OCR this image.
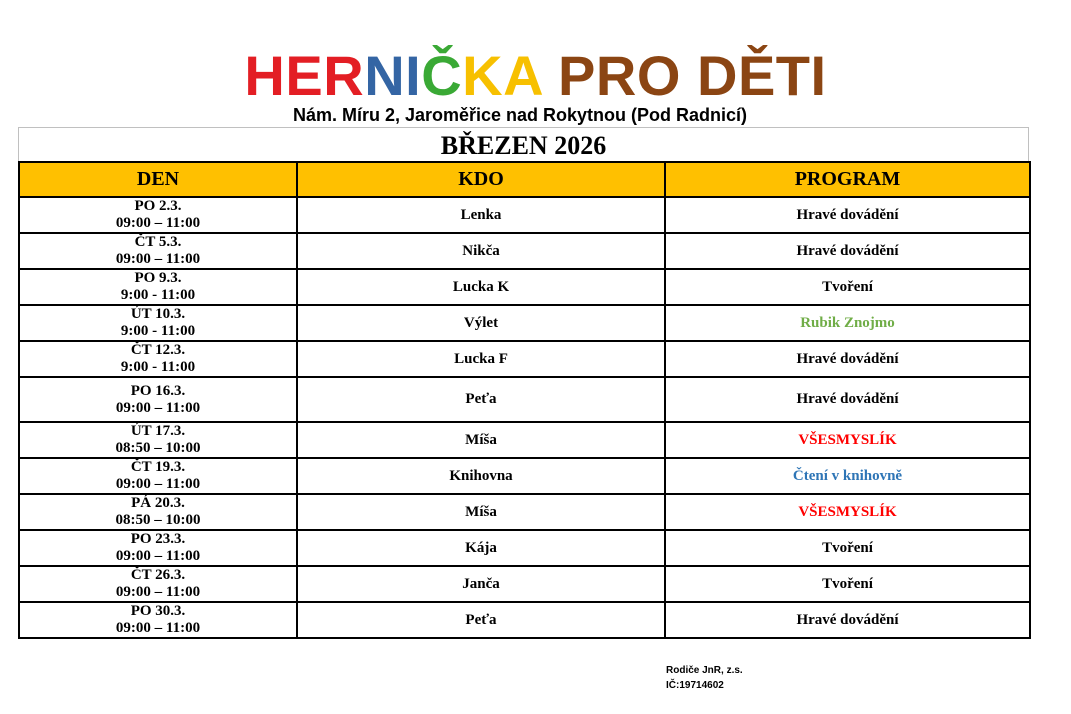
HERNIČKA PRO DĚTI
Nám. Míru 2, Jaroměřice nad Rokytnou (Pod Radnicí)
BŘEZEN 2026
DEN	KDO	PROGRAM

PO 2.3.
09:00 – 11:00	Lenka	Hravé dovádění

ČT 5.3.
09:00 – 11:00	Nikča	Hravé dovádění

PO 9.3.
9:00 - 11:00	Lucka K	Tvoření

ÚT 10.3.
9:00 - 11:00	Výlet	Rubik Znojmo

ČT 12.3.
9:00 - 11:00	Lucka F	Hravé dovádění

PO 16.3.
09:00 – 11:00	Peťa	Hravé dovádění

ÚT 17.3.
08:50 – 10:00	Míša	VŠESMYSLÍK

ČT 19.3.
09:00 – 11:00	Knihovna	Čtení v knihovně

PÁ 20.3.
08:50 – 10:00	Míša	VŠESMYSLÍK

PO 23.3.
09:00 – 11:00	Kája	Tvoření

ČT 26.3.
09:00 – 11:00	Janča	Tvoření

PO 30.3.
09:00 – 11:00	Peťa	Hravé dovádění
Rodiče JnR, z.s.
IČ:19714602
